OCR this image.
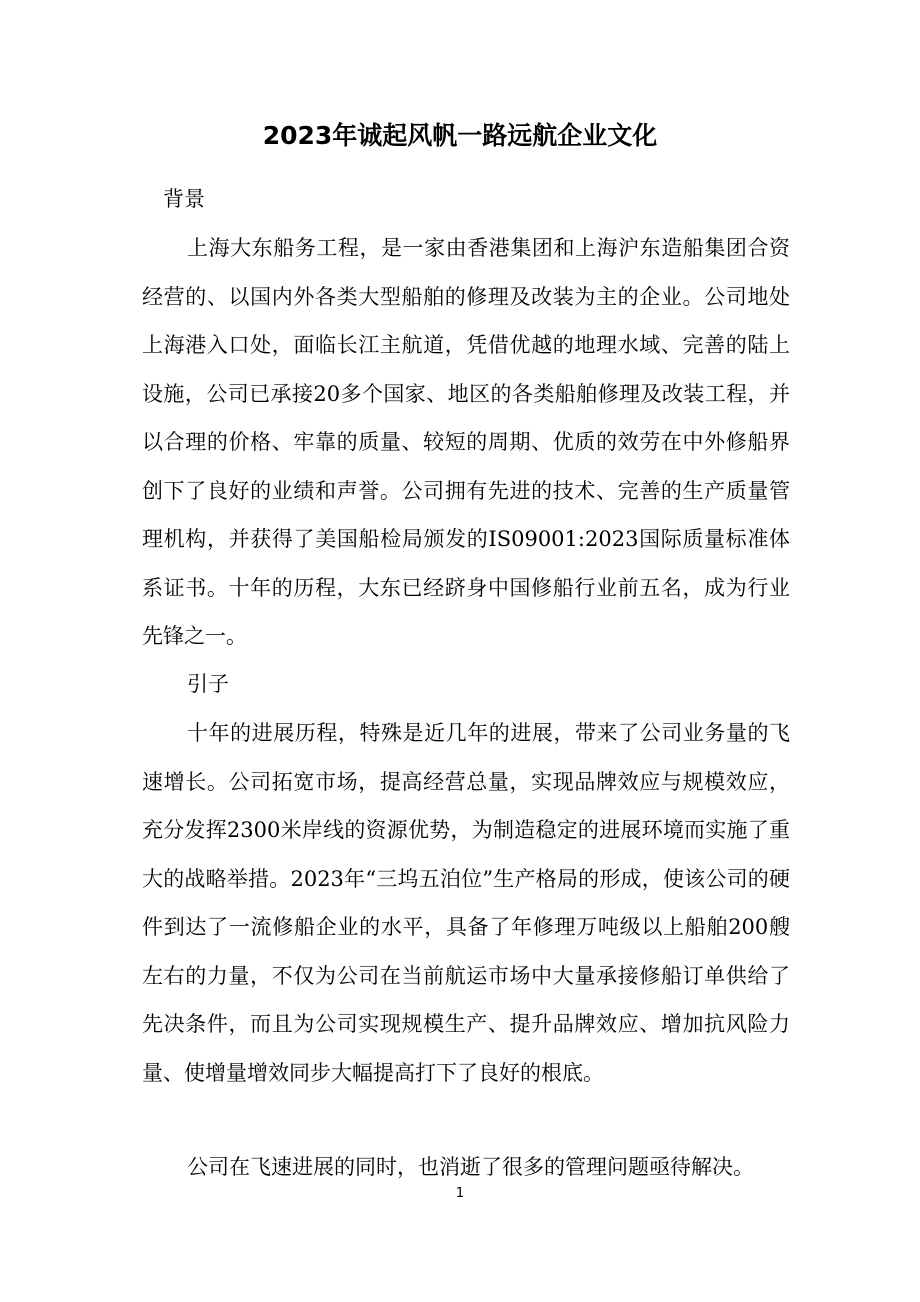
2023年诚起风帆一路远航企业文化

背景

上海大东船务工程，是一家由香港集团和上海沪东造船集团合资经营的、以国内外各类大型船舶的修理及改装为主的企业。公司地处上海港入口处，面临长江主航道，凭借优越的地理水域、完善的陆上设施，公司已承接20多个国家、地区的各类船舶修理及改装工程，并以合理的价格、牢靠的质量、较短的周期、优质的效劳在中外修船界创下了良好的业绩和声誉。公司拥有先进的技术、完善的生产质量管理机构，并获得了美国船检局颁发的IS09001:2023国际质量标准体系证书。十年的历程，大东已经跻身中国修船行业前五名，成为行业先锋之一。

引子

十年的进展历程，特殊是近几年的进展，带来了公司业务量的飞速增长。公司拓宽市场，提高经营总量，实现品牌效应与规模效应，充分发挥2300米岸线的资源优势，为制造稳定的进展环境而实施了重大的战略举措。2023年“三坞五泊位”生产格局的形成，使该公司的硬件到达了一流修船企业的水平，具备了年修理万吨级以上船舶200艘左右的力量，不仅为公司在当前航运市场中大量承接修船订单供给了先决条件，而且为公司实现规模生产、提升品牌效应、增加抗风险力量、使增量增效同步大幅提高打下了良好的根底。

公司在飞速进展的同时，也消逝了很多的管理问题亟待解决。

1
